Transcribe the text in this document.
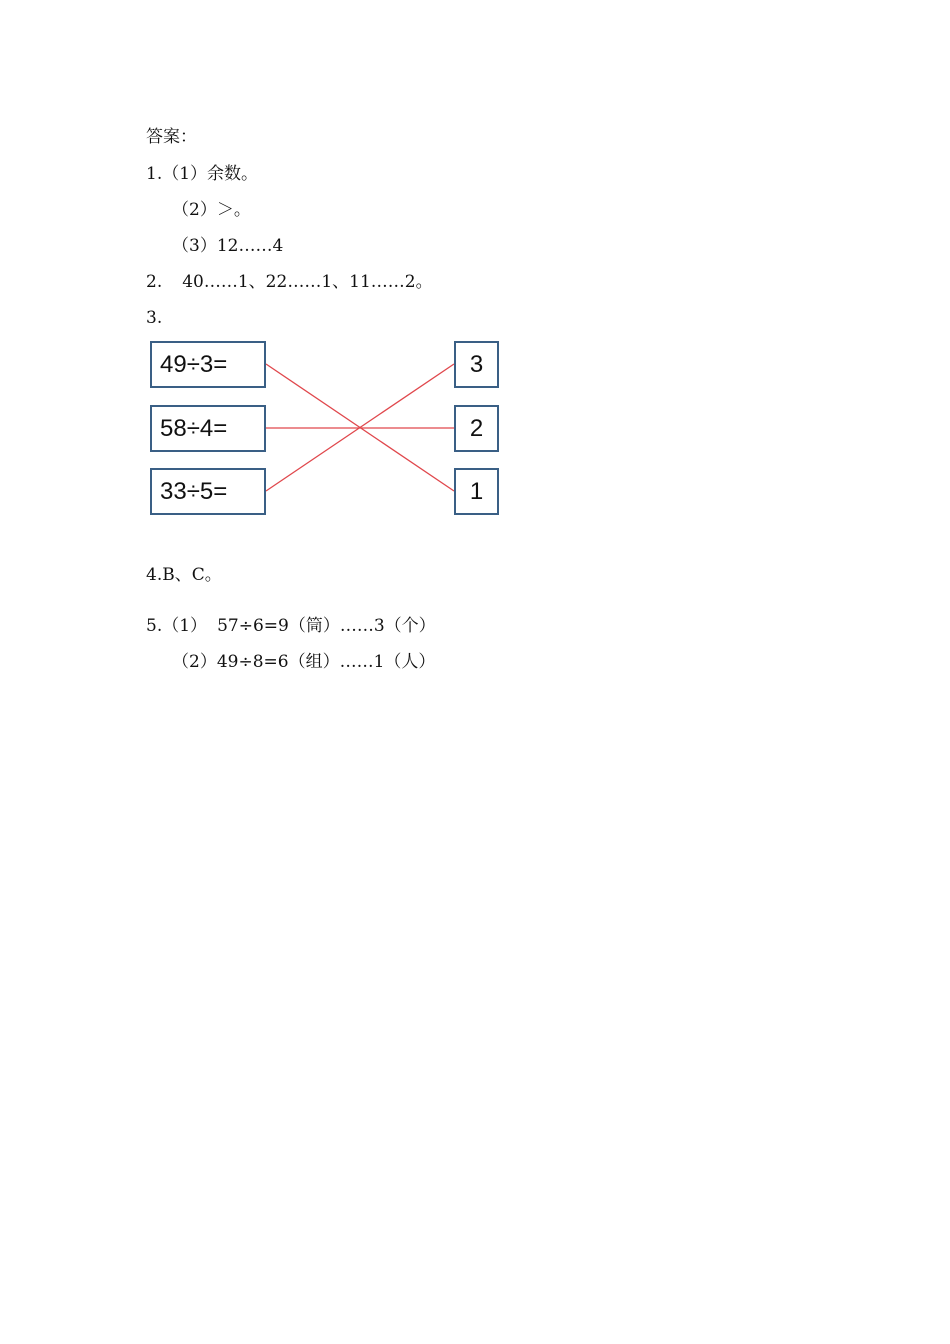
答案：
1.（1）余数。
（2）＞。
（3）12……4
2. 40……1、22……1、11……2。
3.
49÷3=
58÷4=
33÷5=
3
2
1
4.B、C。
5.（1） 57÷6=9（筒）……3（个）
（2）49÷8=6（组）……1（人）
